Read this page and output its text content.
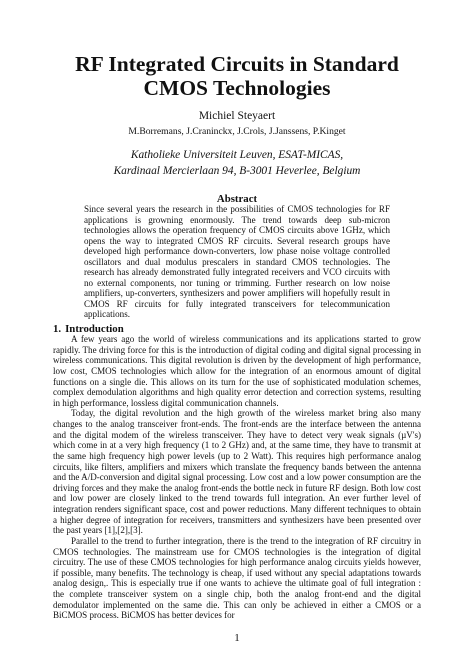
RF Integrated Circuits in Standard
CMOS Technologies
Michiel Steyaert
M.Borremans, J.Craninckx, J.Crols, J.Janssens, P.Kinget
Katholieke Universiteit Leuven, ESAT-MICAS,
Kardinaal Mercierlaan 94, B-3001 Heverlee, Belgium
Abstract

Since several years the research in the possibilities of CMOS technologies for RF applications is growning enormously. The trend towards deep sub-micron technologies allows the operation frequency of CMOS circuits above 1GHz, which opens the way to integrated CMOS RF circuits. Several research groups have developed high performance down-converters, low phase noise voltage controlled oscillators and dual modulus prescalers in standard CMOS technologies. The research has already demonstrated fully integrated receivers and VCO circuits with no external components, nor tuning or trimming. Further research on low noise amplifiers, up-converters, synthesizers and power amplifiers will hopefully result in CMOS RF circuits for fully integrated transceivers for telecommunication applications.

1. Introduction

A few years ago the world of wireless communications and its applications started to grow rapidly. The driving force for this is the introduction of digital coding and digital signal processing in wireless communications. This digital revolution is driven by the development of high performance, low cost, CMOS technologies which allow for the integration of an enormous amount of digital functions on a single die. This allows on its turn for the use of sophisticated modulation schemes, complex demodulation algorithms and high quality error detection and correction systems, resulting in high performance, lossless digital communication channels.

Today, the digital revolution and the high growth of the wireless market bring also many changes to the analog transceiver front-ends. The front-ends are the interface between the antenna and the digital modem of the wireless transceiver. They have to detect very weak signals (µV's) which come in at a very high frequency (1 to 2 GHz) and, at the same time, they have to transmit at the same high frequency high power levels (up to 2 Watt). This requires high performance analog circuits, like filters, amplifiers and mixers which translate the frequency bands between the antenna and the A/D-conversion and digital signal processing. Low cost and a low power consumption are the driving forces and they make the analog front-ends the bottle neck in future RF design. Both low cost and low power are closely linked to the trend towards full integration. An ever further level of integration renders significant space, cost and power reductions. Many different techniques to obtain a higher degree of integration for receivers, transmitters and synthesizers have been presented over the past years [1],[2],[3].

Parallel to the trend to further integration, there is the trend to the integration of RF circuitry in CMOS technologies. The mainstream use for CMOS technologies is the integration of digital circuitry. The use of these CMOS technologies for high performance analog circuits yields however, if possible, many benefits. The technology is cheap, if used without any special adaptations towards analog design,. This is especially true if one wants to achieve the ultimate goal of full integration : the complete transceiver system on a single chip, both the analog front-end and the digital demodulator implemented on the same die. This can only be achieved in either a CMOS or a BiCMOS process. BiCMOS has better devices for

1
